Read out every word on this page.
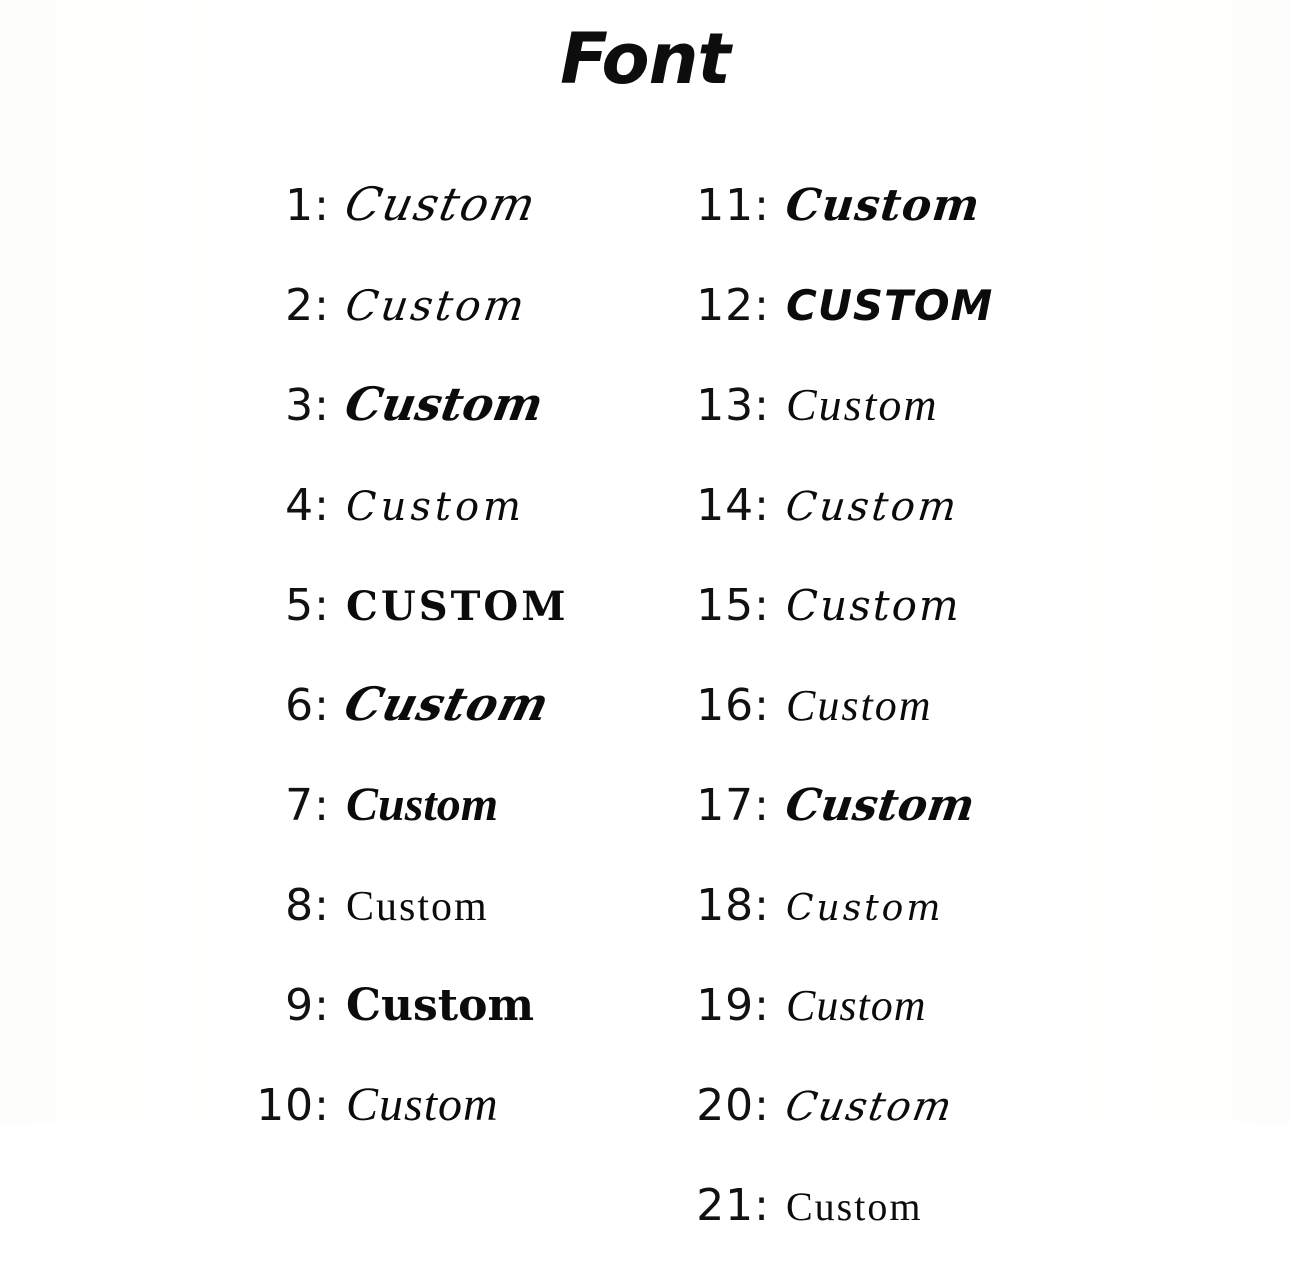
Font
1: Custom
2: Custom
3: Custom
4: Custom
5: CUSTOM
6: Custom
7: Custom
8: Custom
9: Custom
10: Custom
11: Custom
12: CUSTOM
13: Custom
14: Custom
15: Custom
16: Custom
17: Custom
18: Custom
19: Custom
20: Custom
21: Custom
